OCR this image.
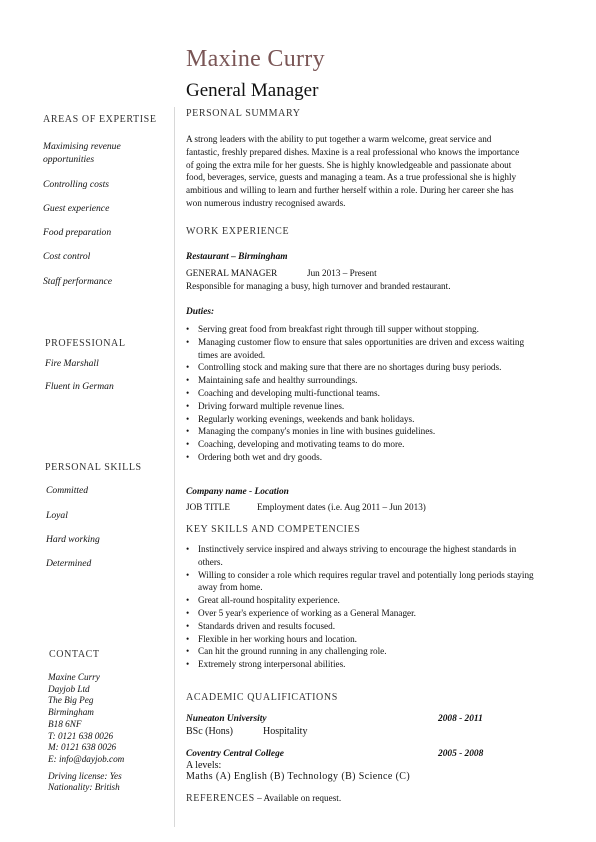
Maxine Curry
General Manager
AREAS OF EXPERTISE
Maximising revenue opportunities
Controlling costs
Guest experience
Food preparation
Cost control
Staff performance
PROFESSIONAL
Fire Marshall
Fluent in German
PERSONAL SKILLS
Committed
Loyal
Hard working
Determined
CONTACT
Maxine Curry
Dayjob Ltd
The Big Peg
Birmingham
B18 6NF
T: 0121 638 0026
M: 0121 638 0026
E: info@dayjob.com
Driving license: Yes
Nationality: British
PERSONAL SUMMARY
A strong leaders with the ability to put together a warm welcome, great service and fantastic, freshly prepared dishes. Maxine is a real professional who knows the importance of going the extra mile for her guests. She is highly knowledgeable and passionate about food, beverages, service, guests and managing a team. As a true professional she is highly ambitious and willing to learn and further herself within a role. During her career she has won numerous industry recognised awards.
WORK EXPERIENCE
Restaurant – Birmingham
GENERAL MANAGER	Jun 2013 – Present
Responsible for managing a busy, high turnover and branded restaurant.
Duties:
• Serving great food from breakfast right through till supper without stopping.
• Managing customer flow to ensure that sales opportunities are driven and excess waiting times are avoided.
• Controlling stock and making sure that there are no shortages during busy periods.
• Maintaining safe and healthy surroundings.
• Coaching and developing multi-functional teams.
• Driving forward multiple revenue lines.
• Regularly working evenings, weekends and bank holidays.
• Managing the company's monies in line with busines guidelines.
• Coaching, developing and motivating teams to do more.
• Ordering both wet and dry goods.
Company name - Location
JOB TITLE	Employment dates (i.e. Aug 2011 – Jun 2013)
KEY SKILLS AND COMPETENCIES
• Instinctively service inspired and always striving to encourage the highest standards in others.
• Willing to consider a role which requires regular travel and potentially long periods staying away from home.
• Great all-round hospitality experience.
• Over 5 year's experience of working as a General Manager.
• Standards driven and results focused.
• Flexible in her working hours and location.
• Can hit the ground running in any challenging role.
• Extremely strong interpersonal abilities.
ACADEMIC QUALIFICATIONS
Nuneaton University	2008 - 2011
BSc (Hons)	Hospitality
Coventry Central College	2005 - 2008
A levels:
Maths (A) English (B) Technology (B) Science (C)
REFERENCES – Available on request.
